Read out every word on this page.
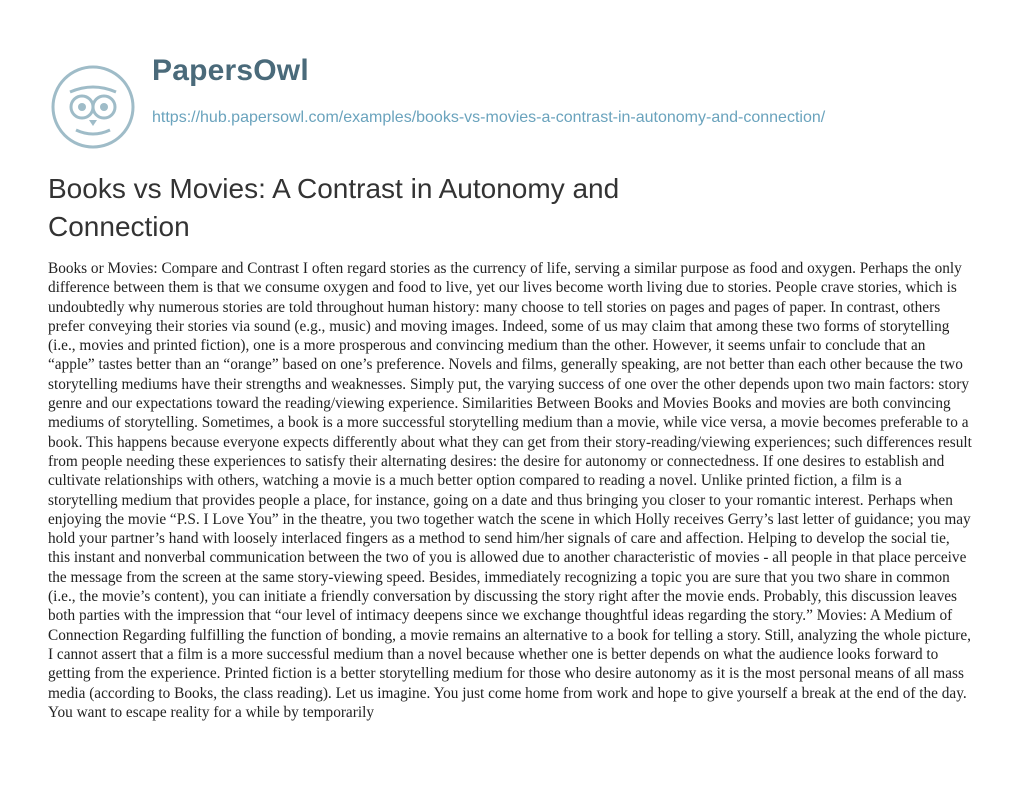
PapersOwl
https://hub.papersowl.com/examples/books-vs-movies-a-contrast-in-autonomy-and-connection/
Books vs Movies: A Contrast in Autonomy and Connection

Books or Movies: Compare and Contrast I often regard stories as the currency of life, serving a similar purpose as food and oxygen. Perhaps the only difference between them is that we consume oxygen and food to live, yet our lives become worth living due to stories. People crave stories, which is undoubtedly why numerous stories are told throughout human history: many choose to tell stories on pages and pages of paper. In contrast, others prefer conveying their stories via sound (e.g., music) and moving images. Indeed, some of us may claim that among these two forms of storytelling (i.e., movies and printed fiction), one is a more prosperous and convincing medium than the other. However, it seems unfair to conclude that an “apple” tastes better than an “orange” based on one’s preference. Novels and films, generally speaking, are not better than each other because the two storytelling mediums have their strengths and weaknesses. Simply put, the varying success of one over the other depends upon two main factors: story genre and our expectations toward the reading/viewing experience. Similarities Between Books and Movies Books and movies are both convincing mediums of storytelling. Sometimes, a book is a more successful storytelling medium than a movie, while vice versa, a movie becomes preferable to a book. This happens because everyone expects differently about what they can get from their story-reading/viewing experiences; such differences result from people needing these experiences to satisfy their alternating desires: the desire for autonomy or connectedness. If one desires to establish and cultivate relationships with others, watching a movie is a much better option compared to reading a novel. Unlike printed fiction, a film is a storytelling medium that provides people a place, for instance, going on a date and thus bringing you closer to your romantic interest. Perhaps when enjoying the movie “P.S. I Love You” in the theatre, you two together watch the scene in which Holly receives Gerry’s last letter of guidance; you may hold your partner’s hand with loosely interlaced fingers as a method to send him/her signals of care and affection. Helping to develop the social tie, this instant and nonverbal communication between the two of you is allowed due to another characteristic of movies - all people in that place perceive the message from the screen at the same story-viewing speed. Besides, immediately recognizing a topic you are sure that you two share in common (i.e., the movie’s content), you can initiate a friendly conversation by discussing the story right after the movie ends. Probably, this discussion leaves both parties with the impression that “our level of intimacy deepens since we exchange thoughtful ideas regarding the story.” Movies: A Medium of Connection Regarding fulfilling the function of bonding, a movie remains an alternative to a book for telling a story. Still, analyzing the whole picture, I cannot assert that a film is a more successful medium than a novel because whether one is better depends on what the audience looks forward to getting from the experience. Printed fiction is a better storytelling medium for those who desire autonomy as it is the most personal means of all mass media (according to Books, the class reading). Let us imagine. You just come home from work and hope to give yourself a break at the end of the day. You want to escape reality for a while by temporarily
